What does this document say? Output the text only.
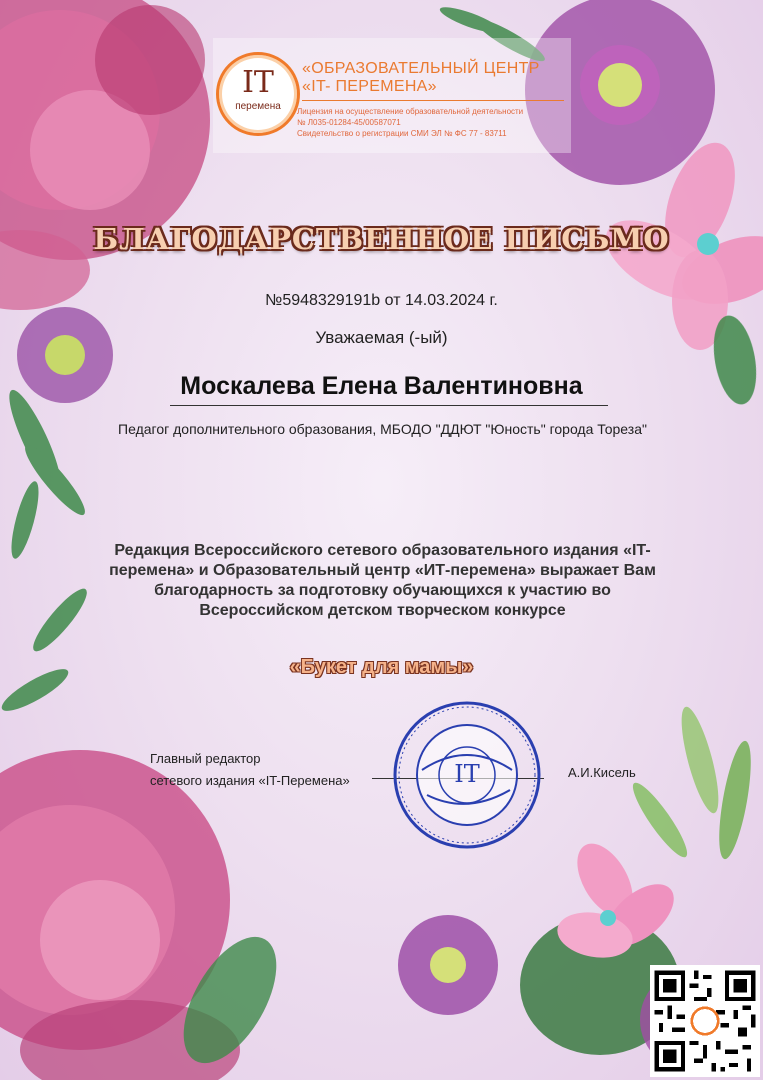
IT
перемена
«ОБРАЗОВАТЕЛЬНЫЙ ЦЕНТР
«IT- ПЕРЕМЕНА»
Лицензия на осуществление образовательной деятельности
№ Л035-01284-45/00587071
Свидетельство о регистрации СМИ ЭЛ № ФС 77 - 83711
БЛАГОДАРСТВЕННОЕ ПИСЬМО
№5948329191b от 14.03.2024 г.
Уважаемая (-ый)
Москалева Елена Валентиновна
Педагог дополнительного образования, МБОДО "ДДЮТ "Юность" города Тореза"
Редакция Всероссийского сетевого образовательного издания «IT-перемена» и Образовательный центр «ИТ-перемена» выражает Вам благодарность за подготовку обучающихся к участию во Всероссийском детском творческом конкурсе
«Букет для мамы»
Главный редактор
сетевого издания «IT-Перемена»
А.И.Кисель
IT
